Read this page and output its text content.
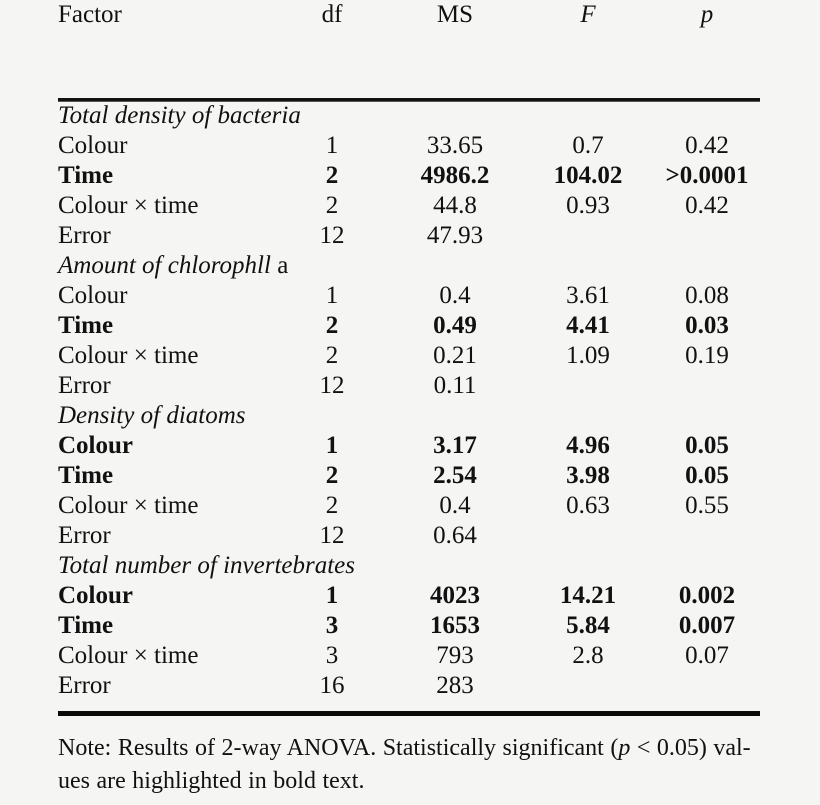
Factor	df	MS	F	p
Total density of bacteria				
Colour	1	33.65	0.7	0.42
Time	2	4986.2	104.02	>0.0001
Colour × time	2	44.8	0.93	0.42
Error	12	47.93		
Amount of chlorophll a				
Colour	1	0.4	3.61	0.08
Time	2	0.49	4.41	0.03
Colour × time	2	0.21	1.09	0.19
Error	12	0.11		
Density of diatoms				
Colour	1	3.17	4.96	0.05
Time	2	2.54	3.98	0.05
Colour × time	2	0.4	0.63	0.55
Error	12	0.64		
Total number of invertebrates				
Colour	1	4023	14.21	0.002
Time	3	1653	5.84	0.007
Colour × time	3	793	2.8	0.07
Error	16	283		
Note: Results of 2-way ANOVA. Statistically significant (p < 0.05) val-
ues are highlighted in bold text.
